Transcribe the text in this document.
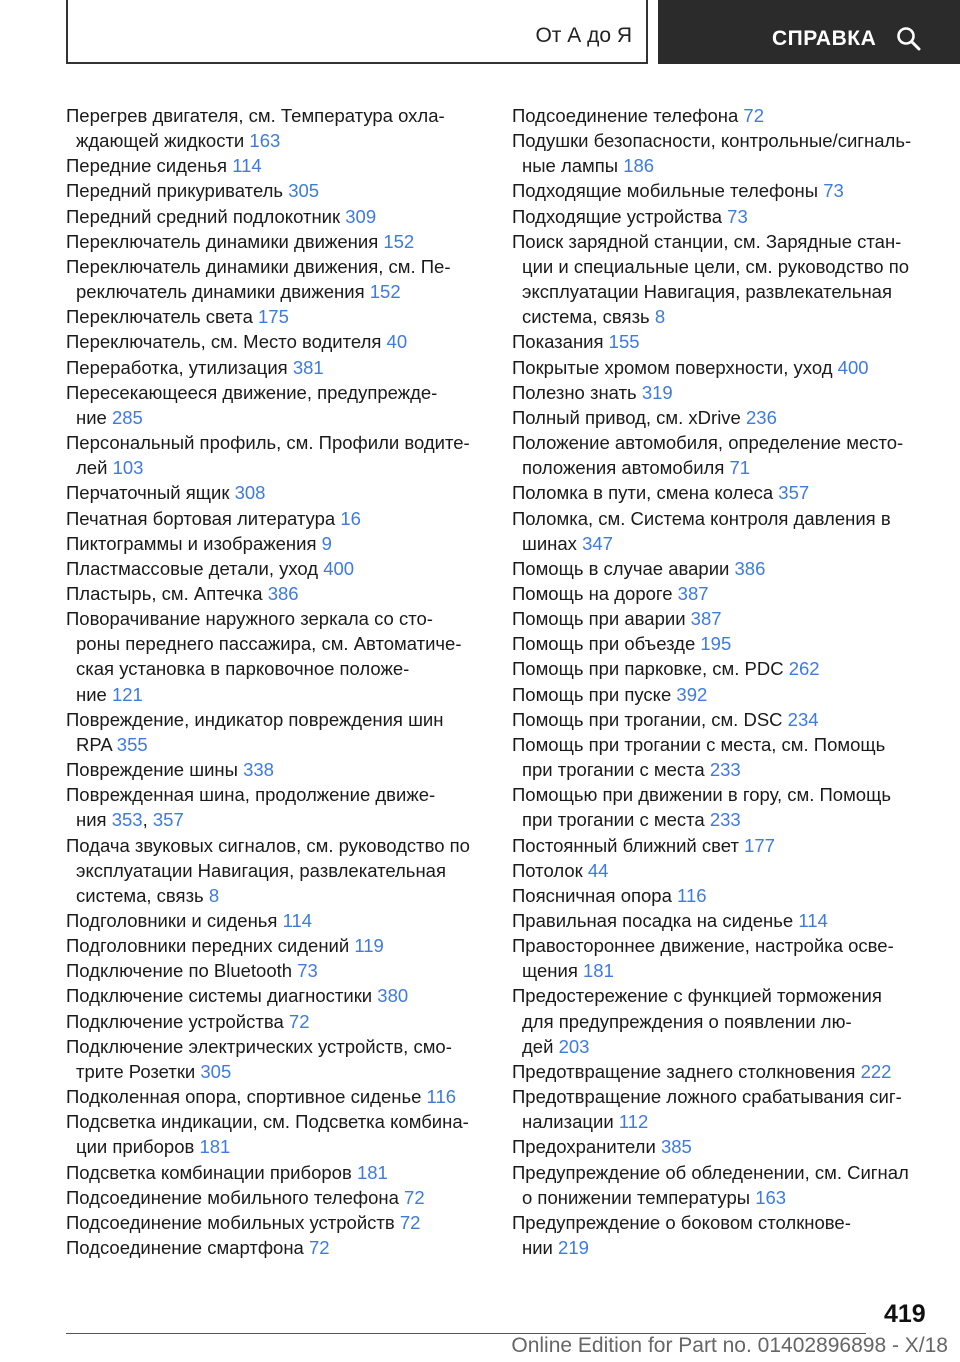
От А до Я	СПРАВКА
Перегрев двигателя, см. Температура охла-
ждающей жидкости 163
Передние сиденья 114
Передний прикуриватель 305
Передний средний подлокотник 309
Переключатель динамики движения 152
Переключатель динамики движения, см. Пе-
реключатель динамики движения 152
Переключатель света 175
Переключатель, см. Место водителя 40
Переработка, утилизация 381
Пересекающееся движение, предупрежде-
ние 285
Персональный профиль, см. Профили водите-
лей 103
Перчаточный ящик 308
Печатная бортовая литература 16
Пиктограммы и изображения 9
Пластмассовые детали, уход 400
Пластырь, см. Аптечка 386
Поворачивание наружного зеркала со сто-
роны переднего пассажира, см. Автоматиче-
ская установка в парковочное положе-
ние 121
Повреждение, индикатор повреждения шин
RPA 355
Повреждение шины 338
Поврежденная шина, продолжение движе-
ния 353, 357
Подача звуковых сигналов, см. руководство по
эксплуатации Навигация, развлекательная
система, связь 8
Подголовники и сиденья 114
Подголовники передних сидений 119
Подключение по Bluetooth 73
Подключение системы диагностики 380
Подключение устройства 72
Подключение электрических устройств, смо-
трите Розетки 305
Подколенная опора, спортивное сиденье 116
Подсветка индикации, см. Подсветка комбина-
ции приборов 181
Подсветка комбинации приборов 181
Подсоединение мобильного телефона 72
Подсоединение мобильных устройств 72
Подсоединение смартфона 72
Подсоединение телефона 72
Подушки безопасности, контрольные/сигналь-
ные лампы 186
Подходящие мобильные телефоны 73
Подходящие устройства 73
Поиск зарядной станции, см. Зарядные стан-
ции и специальные цели, см. руководство по
эксплуатации Навигация, развлекательная
система, связь 8
Показания 155
Покрытые хромом поверхности, уход 400
Полезно знать 319
Полный привод, см. xDrive 236
Положение автомобиля, определение место-
положения автомобиля 71
Поломка в пути, смена колеса 357
Поломка, см. Система контроля давления в
шинах 347
Помощь в случае аварии 386
Помощь на дороге 387
Помощь при аварии 387
Помощь при объезде 195
Помощь при парковке, см. PDC 262
Помощь при пуске 392
Помощь при трогании, см. DSC 234
Помощь при трогании с места, см. Помощь
при трогании с места 233
Помощью при движении в гору, см. Помощь
при трогании с места 233
Постоянный ближний свет 177
Потолок 44
Поясничная опора 116
Правильная посадка на сиденье 114
Правостороннее движение, настройка осве-
щения 181
Предостережение с функцией торможения
для предупреждения о появлении лю-
дей 203
Предотвращение заднего столкновения 222
Предотвращение ложного срабатывания сиг-
нализации 112
Предохранители 385
Предупреждение об обледенении, см. Сигнал
о понижении температуры 163
Предупреждение о боковом столкнове-
нии 219
419
Online Edition for Part no. 01402896898 - X/18
